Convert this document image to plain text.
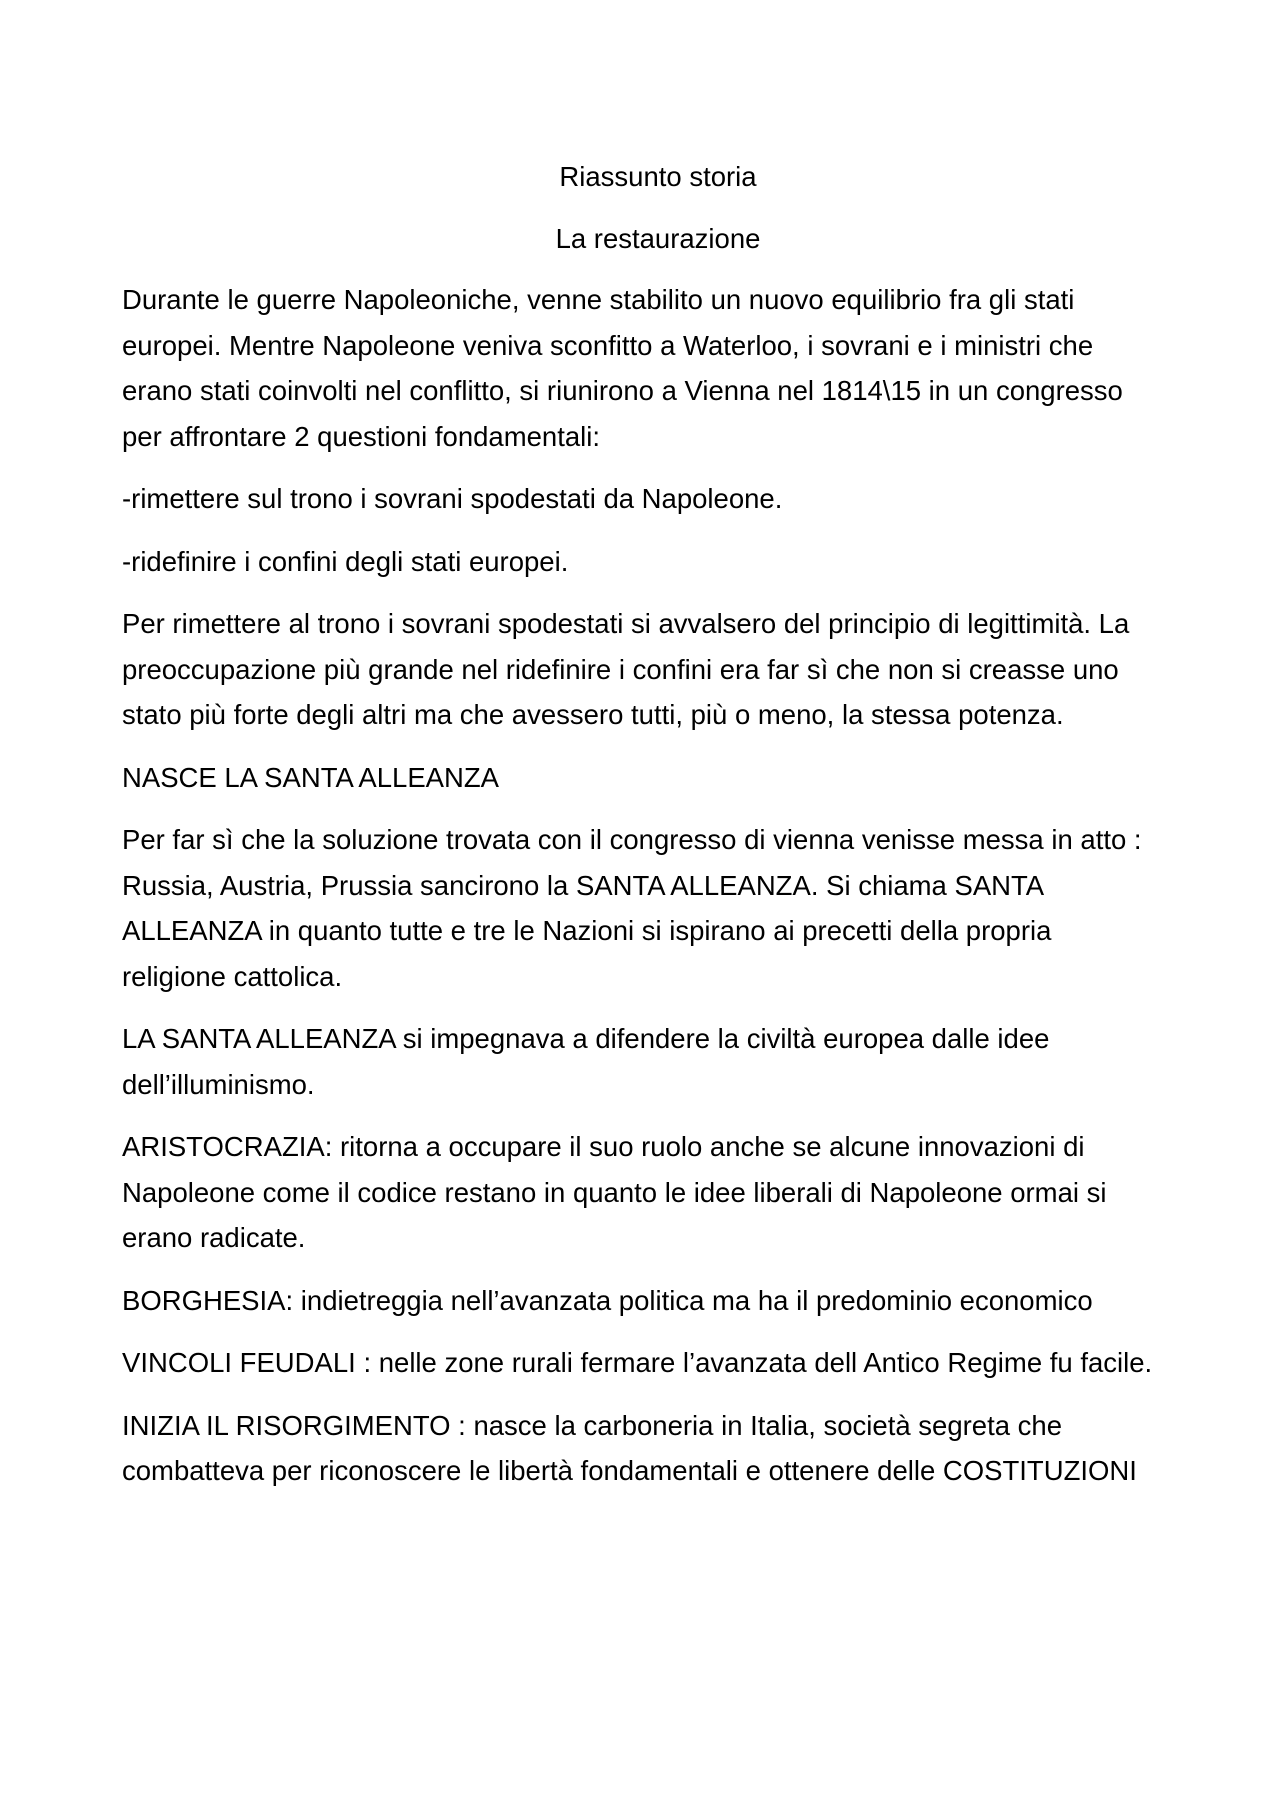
Riassunto storia

La restaurazione

Durante le guerre Napoleoniche, venne stabilito un nuovo equilibrio fra gli stati europei. Mentre Napoleone veniva sconfitto a Waterloo, i sovrani e i ministri che erano stati coinvolti nel conflitto, si riunirono a Vienna nel 1814\15 in un congresso per affrontare 2 questioni fondamentali:

-rimettere sul trono i sovrani spodestati da Napoleone.

-ridefinire i confini degli stati europei.

Per rimettere al trono i sovrani spodestati si avvalsero del principio di legittimità. La preoccupazione più grande nel ridefinire i confini era far sì che non si creasse uno stato più forte degli altri ma che avessero tutti, più o meno, la stessa potenza.

NASCE LA SANTA ALLEANZA

Per far sì che la soluzione trovata con il congresso di vienna venisse messa in atto : Russia, Austria, Prussia sancirono la SANTA ALLEANZA. Si chiama SANTA ALLEANZA in quanto tutte e tre le Nazioni si ispirano ai precetti della propria religione cattolica.

LA SANTA ALLEANZA si impegnava a difendere la civiltà europea dalle idee dell’illuminismo.

ARISTOCRAZIA: ritorna a occupare il suo ruolo anche se alcune innovazioni di Napoleone come il codice restano in quanto le idee liberali di Napoleone ormai si erano radicate.

BORGHESIA: indietreggia nell’avanzata politica ma ha il predominio economico

VINCOLI FEUDALI : nelle zone rurali fermare l’avanzata dell Antico Regime fu facile.

INIZIA IL RISORGIMENTO : nasce la carboneria in Italia, società segreta che combatteva per riconoscere le libertà fondamentali e ottenere delle COSTITUZIONI
